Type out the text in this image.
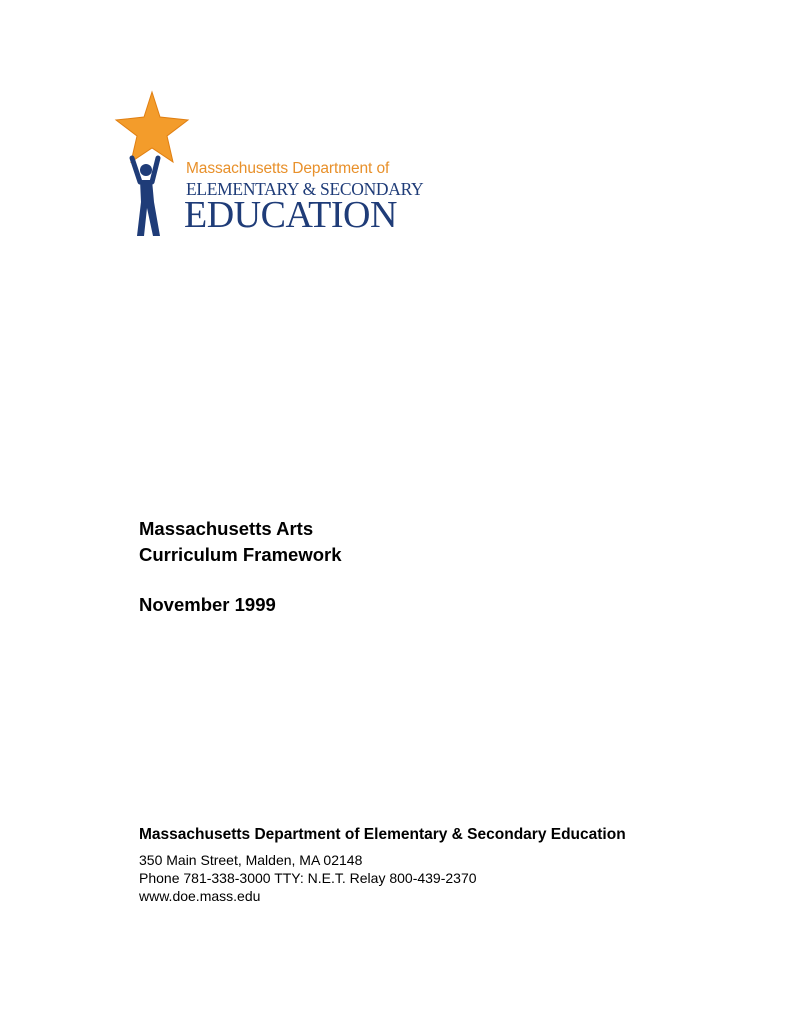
Massachusetts Department of
ELEMENTARY & SECONDARY
EDUCATION
Massachusetts Arts
Curriculum Framework
November 1999
Massachusetts Department of Elementary & Secondary Education
350 Main Street, Malden, MA 02148
Phone 781-338-3000 TTY: N.E.T. Relay 800-439-2370
www.doe.mass.edu
